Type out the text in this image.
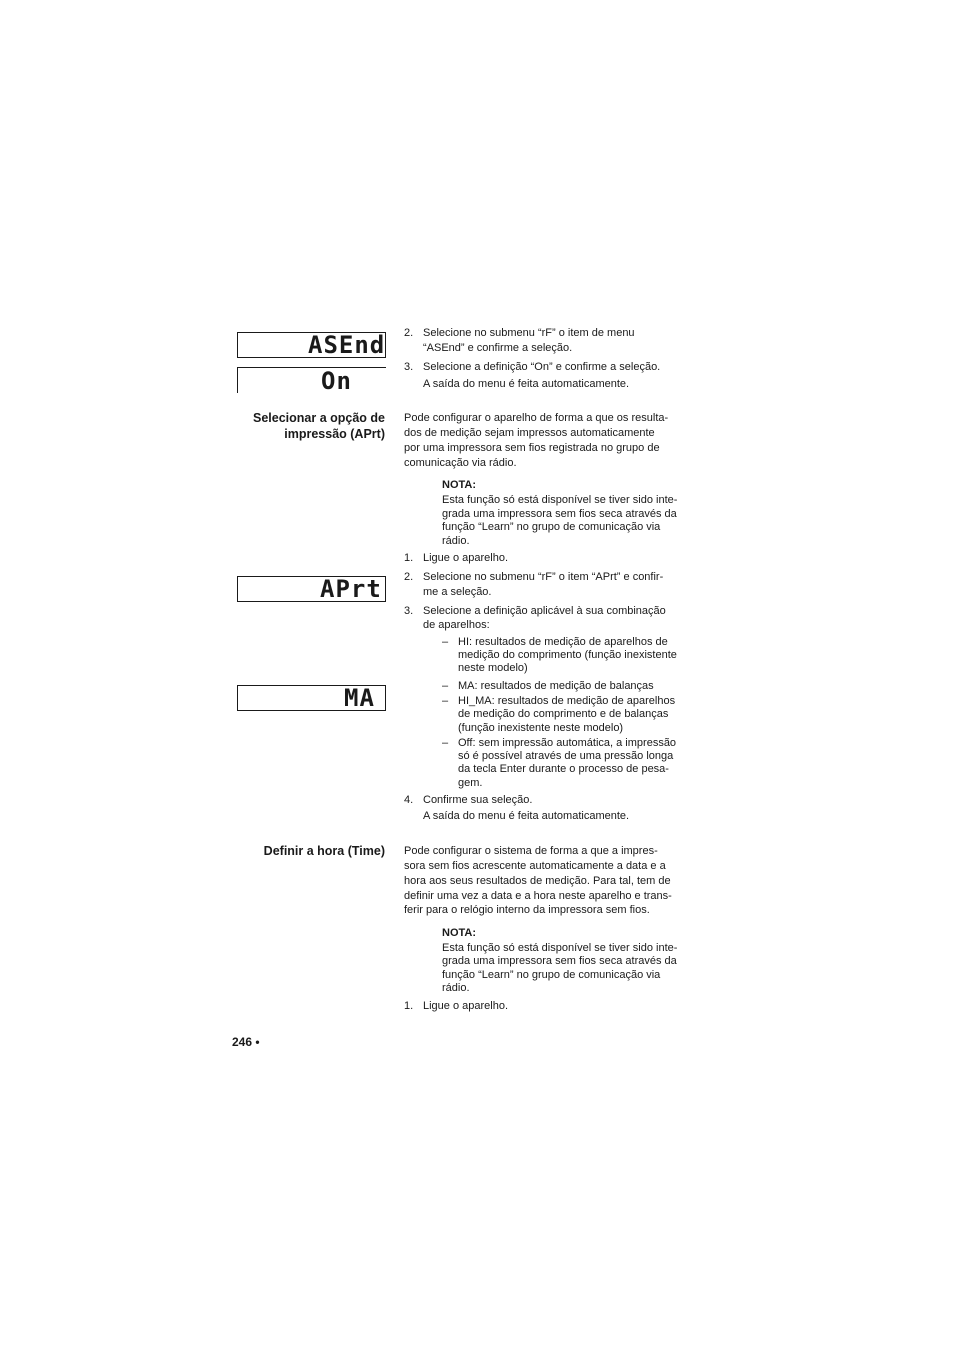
ASEnd
On
APrt
MA
2. Selecione no submenu “rF” o item de menu
“ASEnd” e confirme a seleção.
3. Selecione a definição “On” e confirme a seleção.
A saída do menu é feita automaticamente.
Selecionar a opção de
impressão (APrt)
Pode configurar o aparelho de forma a que os resulta-
dos de medição sejam impressos automaticamente
por uma impressora sem fios registrada no grupo de
comunicação via rádio.
NOTA:
Esta função só está disponível se tiver sido inte-
grada uma impressora sem fios seca através da
função “Learn” no grupo de comunicação via
rádio.
1. Ligue o aparelho.
2. Selecione no submenu “rF” o item “APrt” e confir-
me a seleção.
3. Selecione a definição aplicável à sua combinação
de aparelhos:
– HI: resultados de medição de aparelhos de
medição do comprimento (função inexistente
neste modelo)
– MA: resultados de medição de balanças
– HI_MA: resultados de medição de aparelhos
de medição do comprimento e de balanças
(função inexistente neste modelo)
– Off: sem impressão automática, a impressão
só é possível através de uma pressão longa
da tecla Enter durante o processo de pesa-
gem.
4. Confirme sua seleção.
A saída do menu é feita automaticamente.
Definir a hora (Time) Pode configurar o sistema de forma a que a impres-
sora sem fios acrescente automaticamente a data e a
hora aos seus resultados de medição. Para tal, tem de
definir uma vez a data e a hora neste aparelho e trans-
ferir para o relógio interno da impressora sem fios.
NOTA:
Esta função só está disponível se tiver sido inte-
grada uma impressora sem fios seca através da
função “Learn” no grupo de comunicação via
rádio.
1. Ligue o aparelho.
246 •
